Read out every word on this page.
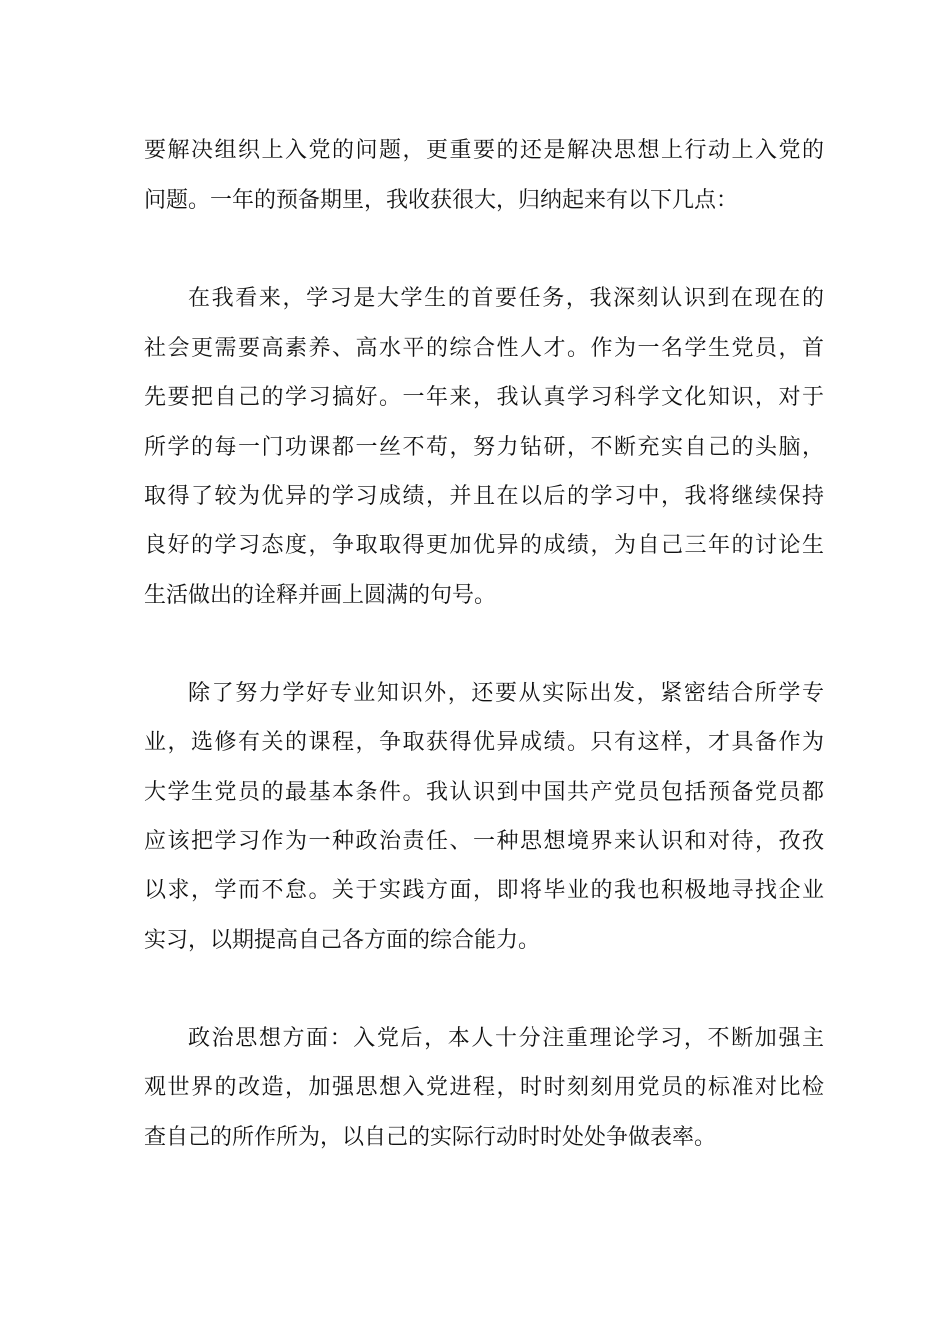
要解决组织上入党的问题，更重要的还是解决思想上行动上入党的

问题。一年的预备期里，我收获很大，归纳起来有以下几点：

在我看来，学习是大学生的首要任务，我深刻认识到在现在的

社会更需要高素养、高水平的综合性人才。作为一名学生党员，首

先要把自己的学习搞好。一年来，我认真学习科学文化知识，对于

所学的每一门功课都一丝不苟，努力钻研，不断充实自己的头脑，

取得了较为优异的学习成绩，并且在以后的学习中，我将继续保持

良好的学习态度，争取取得更加优异的成绩，为自己三年的讨论生

生活做出的诠释并画上圆满的句号。

除了努力学好专业知识外，还要从实际出发，紧密结合所学专

业，选修有关的课程，争取获得优异成绩。只有这样，才具备作为

大学生党员的最基本条件。我认识到中国共产党员包括预备党员都

应该把学习作为一种政治责任、一种思想境界来认识和对待，孜孜

以求，学而不怠。关于实践方面，即将毕业的我也积极地寻找企业

实习，以期提高自己各方面的综合能力。

政治思想方面：入党后，本人十分注重理论学习，不断加强主

观世界的改造，加强思想入党进程，时时刻刻用党员的标准对比检

查自己的所作所为，以自己的实际行动时时处处争做表率。
